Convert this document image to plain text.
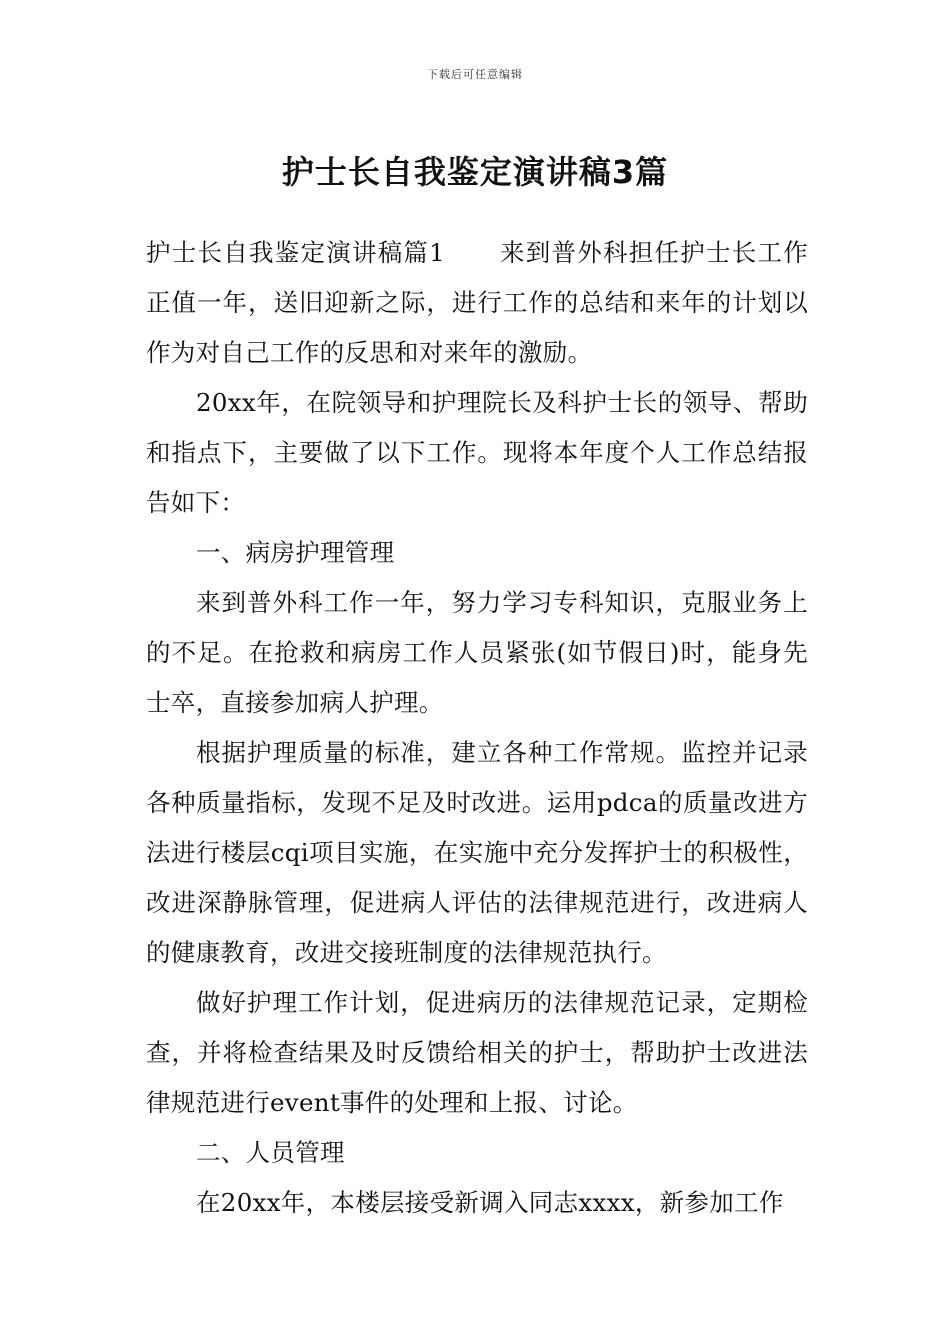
下载后可任意编辑
护士长自我鉴定演讲稿3篇

护士长自我鉴定演讲稿篇1 来到普外科担任护士长工作正值一年，送旧迎新之际，进行工作的总结和来年的计划以作为对自己工作的反思和对来年的激励。

20xx年，在院领导和护理院长及科护士长的领导、帮助和指点下，主要做了以下工作。现将本年度个人工作总结报告如下：

一、病房护理管理

来到普外科工作一年，努力学习专科知识，克服业务上的不足。在抢救和病房工作人员紧张(如节假日)时，能身先士卒，直接参加病人护理。

根据护理质量的标准，建立各种工作常规。监控并记录各种质量指标，发现不足及时改进。运用pdca的质量改进方法进行楼层cqi项目实施，在实施中充分发挥护士的积极性，改进深静脉管理，促进病人评估的法律规范进行，改进病人的健康教育，改进交接班制度的法律规范执行。

做好护理工作计划，促进病历的法律规范记录，定期检查，并将检查结果及时反馈给相关的护士，帮助护士改进法律规范进行event事件的处理和上报、讨论。

二、人员管理

在20xx年，本楼层接受新调入同志xxxx，新参加工作
